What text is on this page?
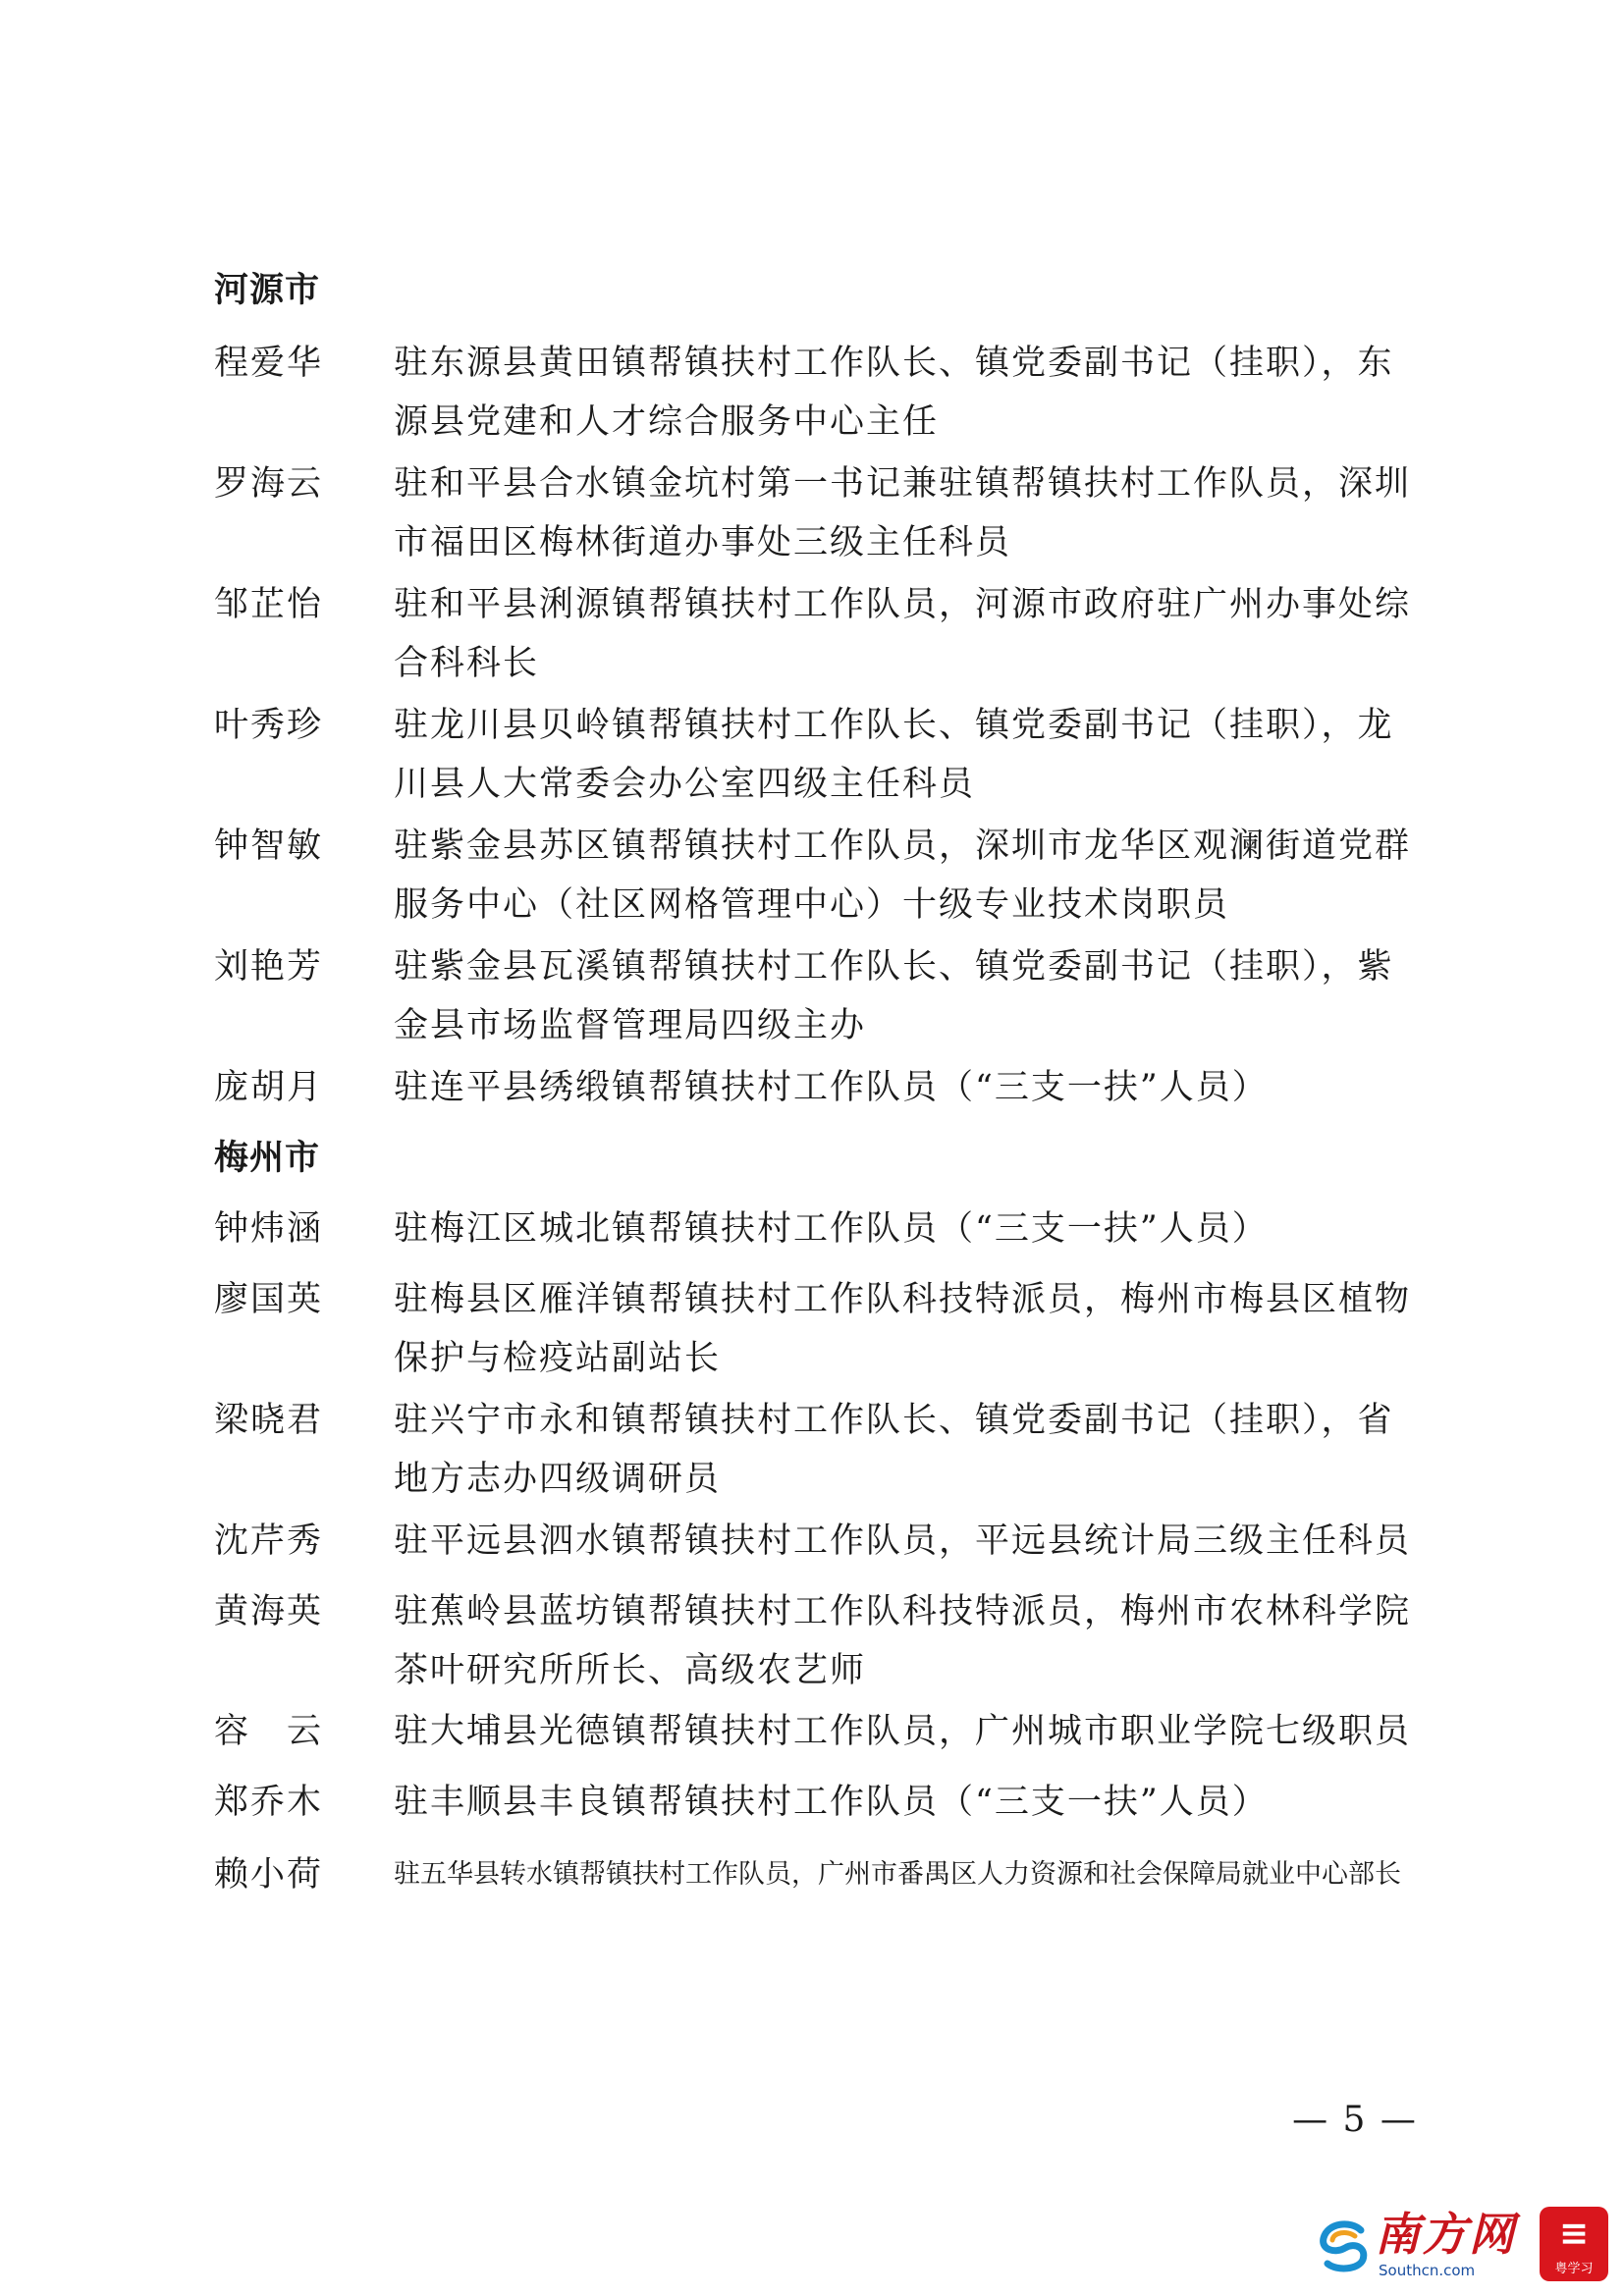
河源市
程爱华 驻东源县黄田镇帮镇扶村工作队长、镇党委副书记（挂职），东源县党建和人才综合服务中心主任
罗海云 驻和平县合水镇金坑村第一书记兼驻镇帮镇扶村工作队员，深圳市福田区梅林街道办事处三级主任科员
邹芷怡 驻和平县浰源镇帮镇扶村工作队员，河源市政府驻广州办事处综合科科长
叶秀珍 驻龙川县贝岭镇帮镇扶村工作队长、镇党委副书记（挂职），龙川县人大常委会办公室四级主任科员
钟智敏 驻紫金县苏区镇帮镇扶村工作队员，深圳市龙华区观澜街道党群服务中心（社区网格管理中心）十级专业技术岗职员
刘艳芳 驻紫金县瓦溪镇帮镇扶村工作队长、镇党委副书记（挂职），紫金县市场监督管理局四级主办
庞胡月 驻连平县绣缎镇帮镇扶村工作队员（“三支一扶”人员）
梅州市
钟炜涵 驻梅江区城北镇帮镇扶村工作队员（“三支一扶”人员）
廖国英 驻梅县区雁洋镇帮镇扶村工作队科技特派员，梅州市梅县区植物保护与检疫站副站长
梁晓君 驻兴宁市永和镇帮镇扶村工作队长、镇党委副书记（挂职），省地方志办四级调研员
沈芹秀 驻平远县泗水镇帮镇扶村工作队员，平远县统计局三级主任科员
黄海英 驻蕉岭县蓝坊镇帮镇扶村工作队科技特派员，梅州市农林科学院茶叶研究所所长、高级农艺师
容　云 驻大埔县光德镇帮镇扶村工作队员，广州城市职业学院七级职员
郑乔木 驻丰顺县丰良镇帮镇扶村工作队员（“三支一扶”人员）
赖小荷	驻五华县转水镇帮镇扶村工作队员，广州市番禺区人力资源和社会保障局就业中心部长
— 5 —
南方网
Southcn.com
≡
粤学习
